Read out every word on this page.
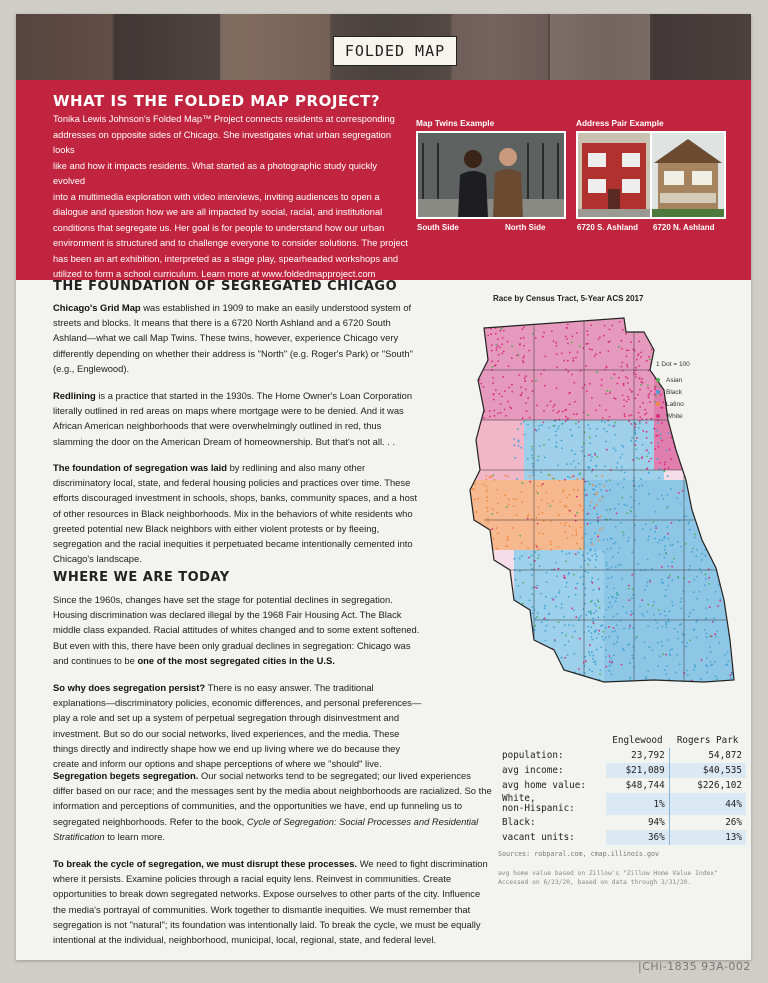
FOLDED MAP
WHAT IS THE FOLDED MAP PROJECT?
Tonika Lewis Johnson's Folded Map™ Project connects residents at corresponding
addresses on opposite sides of Chicago. She investigates what urban segregation looks
like and how it impacts residents. What started as a photographic study quickly evolved
into a multimedia exploration with video interviews, inviting audiences to open a
dialogue and question how we are all impacted by social, racial, and institutional
conditions that segregate us. Her goal is for people to understand how our urban
environment is structured and to challenge everyone to consider solutions. The project
has been an art exhibition, interpreted as a stage play, spearheaded workshops and
utilized to form a school curriculum. Learn more at www.foldedmapproject.com
Map Twins Example
South Side	North Side
Address Pair Example
6720 S. Ashland 6720 N. Ashland
THE FOUNDATION OF SEGREGATED CHICAGO

Chicago's Grid Map was established in 1909 to make an easily understood system of streets and blocks. It means that there is a 6720 North Ashland and a 6720 South Ashland—what we call Map Twins. These twins, however, experience Chicago very differently depending on whether their address is "North" (e.g. Roger's Park) or "South" (e.g., Englewood).

Redlining is a practice that started in the 1930s. The Home Owner's Loan Corporation literally outlined in red areas on maps where mortgage were to be denied. And it was African American neighborhoods that were overwhelmingly outlined in red, thus slamming the door on the American Dream of homeownership. But that's not all. . .

The foundation of segregation was laid by redlining and also many other discriminatory local, state, and federal housing policies and practices over time. These efforts discouraged investment in schools, shops, banks, community spaces, and a host of other resources in Black neighborhoods. Mix in the behaviors of white residents who greeted potential new Black neighbors with either violent protests or by fleeing, segregation and the racial inequities it perpetuated became intentionally cemented into Chicago's landscape.

WHERE WE ARE TODAY

Since the 1960s, changes have set the stage for potential declines in segregation. Housing discrimination was declared illegal by the 1968 Fair Housing Act. The Black middle class expanded. Racial attitudes of whites changed and to some extent softened. But even with this, there have been only gradual declines in segregation: Chicago was and continues to be one of the most segregated cities in the U.S.

So why does segregation persist? There is no easy answer. The traditional explanations—discriminatory policies, economic differences, and personal preferences—play a role and set up a system of perpetual segregation through disinvestment and investment. But so do our social networks, lived experiences, and the media. These things directly and indirectly shape how we end up living where we do because they create and inform our options and shape perceptions of where we "should" live.

Segregation begets segregation. Our social networks tend to be segregated; our lived experiences differ based on our race; and the messages sent by the media about neighborhoods are racialized. So the information and perceptions of communities, and the opportunities we have, end up funneling us to segregated neighborhoods. Refer to the book, Cycle of Segregation: Social Processes and Residential Stratification to learn more.

To break the cycle of segregation, we must disrupt these processes. We need to fight discrimination where it persists. Examine policies through a racial equity lens. Reinvest in communities. Create opportunities to break down segregated networks. Expose ourselves to other parts of the city. Influence the media's portrayal of communities. Work together to dismantle inequities. We must remember that segregation is not "natural"; its foundation was intentionally laid. To break the cycle, we must be equally intentional at the individual, neighborhood, municipal, local, regional, state, and federal level.

Race by Census Tract, 5-Year ACS 2017
1 Dot = 100
Asian
Black
Latino
White
	Englewood	Rogers Park
population:	23,792	54,872
avg income:	$21,089	$40,535
avg home value:	$48,744	$226,102
White,
non-Hispanic:	1%	44%
Black:	94%	26%
vacant units:	36%	13%
Sources: robparal.com, cmap.illinois.gov
avg home value based on Zillow's "Zillow Home Value Index" Accessed on 6/23/20, based on data through 3/31/20.
|CHi-1835 93A-002
